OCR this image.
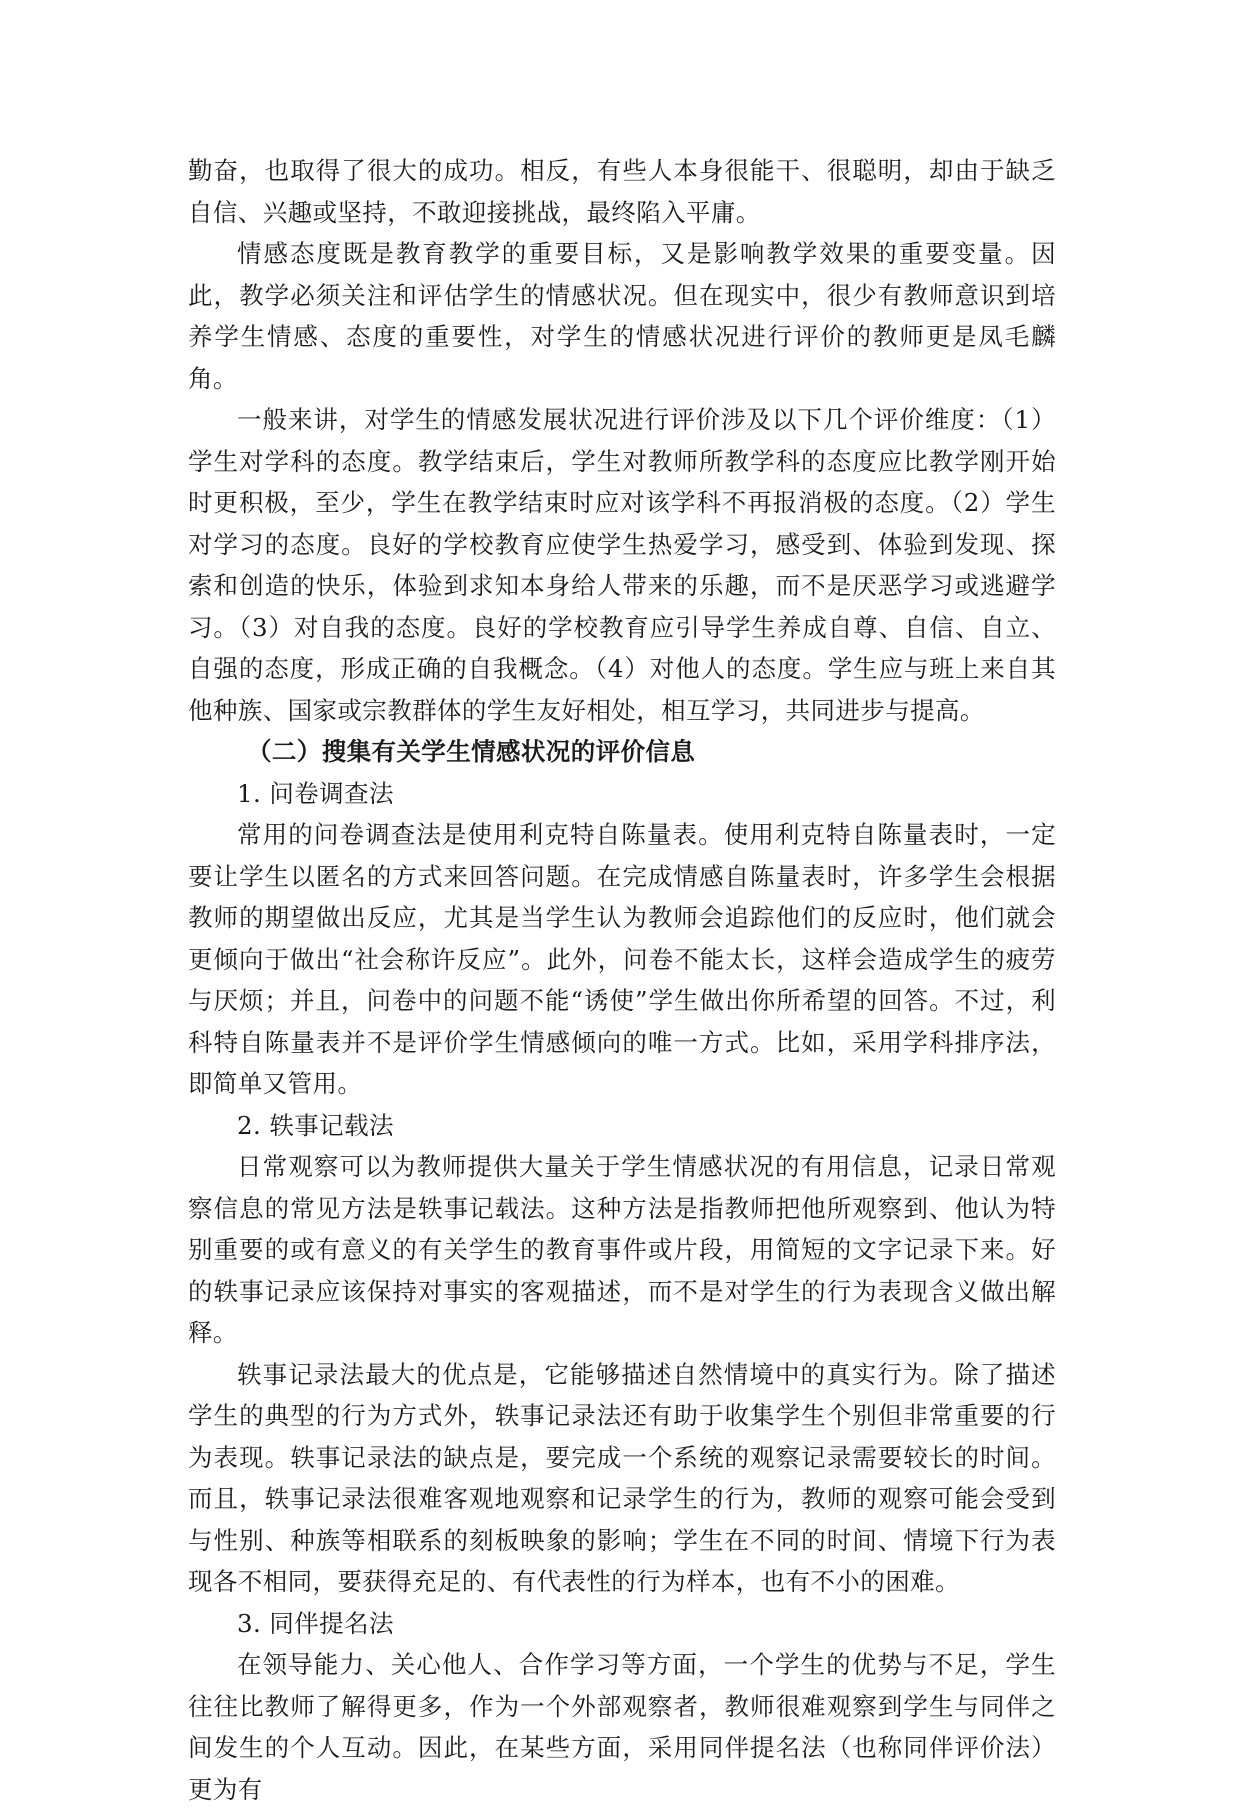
勤奋，也取得了很大的成功。相反，有些人本身很能干、很聪明，却由于缺乏自信、兴趣或坚持，不敢迎接挑战，最终陷入平庸。

情感态度既是教育教学的重要目标，又是影响教学效果的重要变量。因此，教学必须关注和评估学生的情感状况。但在现实中，很少有教师意识到培养学生情感、态度的重要性，对学生的情感状况进行评价的教师更是凤毛麟角。

一般来讲，对学生的情感发展状况进行评价涉及以下几个评价维度：（1）学生对学科的态度。教学结束后，学生对教师所教学科的态度应比教学刚开始时更积极，至少，学生在教学结束时应对该学科不再报消极的态度。（2）学生对学习的态度。良好的学校教育应使学生热爱学习，感受到、体验到发现、探索和创造的快乐，体验到求知本身给人带来的乐趣，而不是厌恶学习或逃避学习。（3）对自我的态度。良好的学校教育应引导学生养成自尊、自信、自立、自强的态度，形成正确的自我概念。（4）对他人的态度。学生应与班上来自其他种族、国家或宗教群体的学生友好相处，相互学习，共同进步与提高。

（二）搜集有关学生情感状况的评价信息

1. 问卷调查法

常用的问卷调查法是使用利克特自陈量表。使用利克特自陈量表时，一定要让学生以匿名的方式来回答问题。在完成情感自陈量表时，许多学生会根据教师的期望做出反应，尤其是当学生认为教师会追踪他们的反应时，他们就会更倾向于做出“社会称许反应”。此外，问卷不能太长，这样会造成学生的疲劳与厌烦；并且，问卷中的问题不能“诱使”学生做出你所希望的回答。不过，利科特自陈量表并不是评价学生情感倾向的唯一方式。比如，采用学科排序法，即简单又管用。

2. 轶事记载法

日常观察可以为教师提供大量关于学生情感状况的有用信息，记录日常观察信息的常见方法是轶事记载法。这种方法是指教师把他所观察到、他认为特别重要的或有意义的有关学生的教育事件或片段，用简短的文字记录下来。好的轶事记录应该保持对事实的客观描述，而不是对学生的行为表现含义做出解释。

轶事记录法最大的优点是，它能够描述自然情境中的真实行为。除了描述学生的典型的行为方式外，轶事记录法还有助于收集学生个别但非常重要的行为表现。轶事记录法的缺点是，要完成一个系统的观察记录需要较长的时间。而且，轶事记录法很难客观地观察和记录学生的行为，教师的观察可能会受到与性别、种族等相联系的刻板映象的影响；学生在不同的时间、情境下行为表现各不相同，要获得充足的、有代表性的行为样本，也有不小的困难。

3. 同伴提名法

在领导能力、关心他人、合作学习等方面，一个学生的优势与不足，学生往往比教师了解得更多，作为一个外部观察者，教师很难观察到学生与同伴之间发生的个人互动。因此，在某些方面，采用同伴提名法（也称同伴评价法）更为有
